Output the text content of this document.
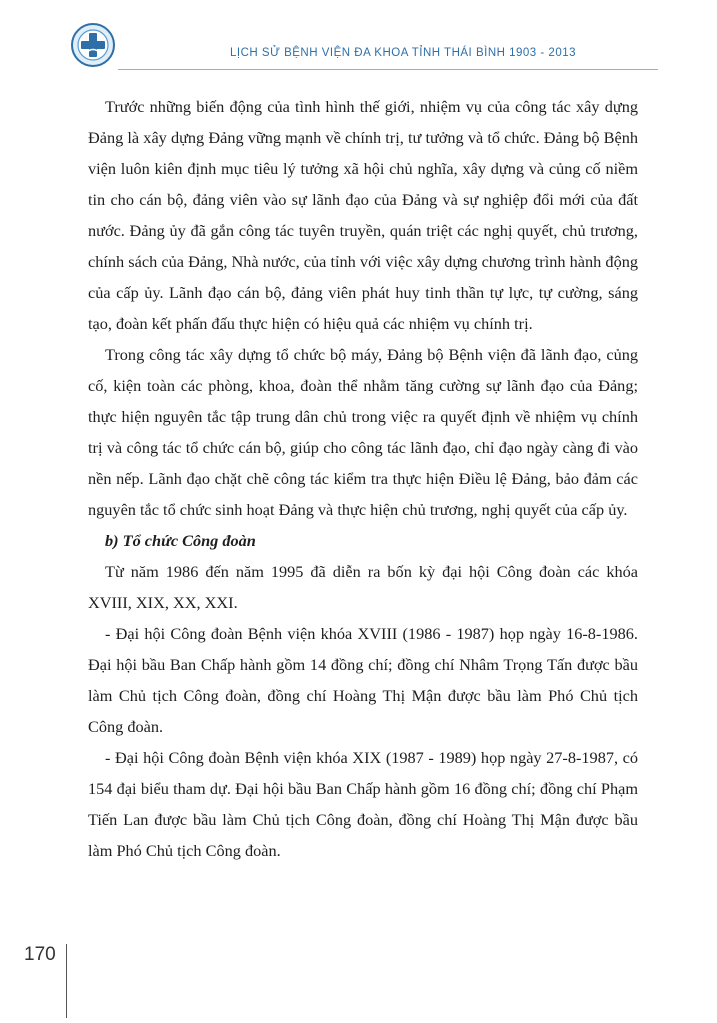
LỊCH SỬ BỆNH VIỆN ĐA KHOA TỈNH THÁI BÌNH 1903 - 2013

Trước những biến động của tình hình thế giới, nhiệm vụ của công tác xây dựng Đảng là xây dựng Đảng vững mạnh về chính trị, tư tưởng và tổ chức. Đảng bộ Bệnh viện luôn kiên định mục tiêu lý tưởng xã hội chủ nghĩa, xây dựng và củng cố niềm tin cho cán bộ, đảng viên vào sự lãnh đạo của Đảng và sự nghiệp đổi mới của đất nước. Đảng ủy đã gắn công tác tuyên truyền, quán triệt các nghị quyết, chủ trương, chính sách của Đảng, Nhà nước, của tỉnh với việc xây dựng chương trình hành động của cấp ủy. Lãnh đạo cán bộ, đảng viên phát huy tinh thần tự lực, tự cường, sáng tạo, đoàn kết phấn đấu thực hiện có hiệu quả các nhiệm vụ chính trị.

Trong công tác xây dựng tổ chức bộ máy, Đảng bộ Bệnh viện đã lãnh đạo, củng cố, kiện toàn các phòng, khoa, đoàn thể nhằm tăng cường sự lãnh đạo của Đảng; thực hiện nguyên tắc tập trung dân chủ trong việc ra quyết định về nhiệm vụ chính trị và công tác tổ chức cán bộ, giúp cho công tác lãnh đạo, chỉ đạo ngày càng đi vào nền nếp. Lãnh đạo chặt chẽ công tác kiểm tra thực hiện Điều lệ Đảng, bảo đảm các nguyên tắc tổ chức sinh hoạt Đảng và thực hiện chủ trương, nghị quyết của cấp ủy.

b) Tổ chức Công đoàn

Từ năm 1986 đến năm 1995 đã diễn ra bốn kỳ đại hội Công đoàn các khóa XVIII, XIX, XX, XXI.

- Đại hội Công đoàn Bệnh viện khóa XVIII (1986 - 1987) họp ngày 16-8-1986. Đại hội bầu Ban Chấp hành gồm 14 đồng chí; đồng chí Nhâm Trọng Tấn được bầu làm Chủ tịch Công đoàn, đồng chí Hoàng Thị Mận được bầu làm Phó Chủ tịch Công đoàn.

- Đại hội Công đoàn Bệnh viện khóa XIX (1987 - 1989) họp ngày 27-8-1987, có 154 đại biểu tham dự. Đại hội bầu Ban Chấp hành gồm 16 đồng chí; đồng chí Phạm Tiến Lan được bầu làm Chủ tịch Công đoàn, đồng chí Hoàng Thị Mận được bầu làm Phó Chủ tịch Công đoàn.

170
